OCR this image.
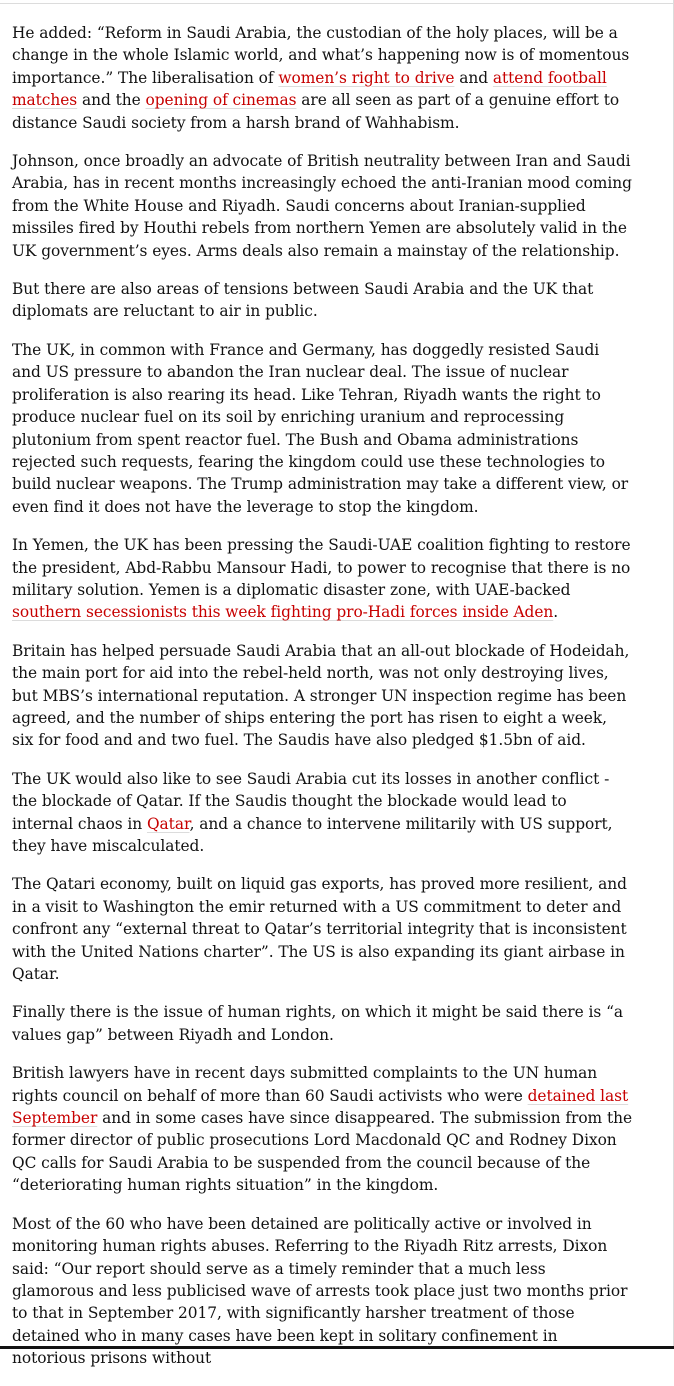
He added: “Reform in Saudi Arabia, the custodian of the holy places, will be a change in the whole Islamic world, and what’s happening now is of momentous importance.” The liberalisation of women’s right to drive and attend football matches and the opening of cinemas are all seen as part of a genuine effort to distance Saudi society from a harsh brand of Wahhabism.

Johnson, once broadly an advocate of British neutrality between Iran and Saudi Arabia, has in recent months increasingly echoed the anti-Iranian mood coming from the White House and Riyadh. Saudi concerns about Iranian-supplied missiles fired by Houthi rebels from northern Yemen are absolutely valid in the UK government’s eyes. Arms deals also remain a mainstay of the relationship.

But there are also areas of tensions between Saudi Arabia and the UK that diplomats are reluctant to air in public.

The UK, in common with France and Germany, has doggedly resisted Saudi and US pressure to abandon the Iran nuclear deal. The issue of nuclear proliferation is also rearing its head. Like Tehran, Riyadh wants the right to produce nuclear fuel on its soil by enriching uranium and reprocessing plutonium from spent reactor fuel. The Bush and Obama administrations rejected such requests, fearing the kingdom could use these technologies to build nuclear weapons. The Trump administration may take a different view, or even find it does not have the leverage to stop the kingdom.

In Yemen, the UK has been pressing the Saudi-UAE coalition fighting to restore the president, Abd-Rabbu Mansour Hadi, to power to recognise that there is no military solution. Yemen is a diplomatic disaster zone, with UAE-backed southern secessionists this week fighting pro-Hadi forces inside Aden.

Britain has helped persuade Saudi Arabia that an all-out blockade of Hodeidah, the main port for aid into the rebel-held north, was not only destroying lives, but MBS’s international reputation. A stronger UN inspection regime has been agreed, and the number of ships entering the port has risen to eight a week, six for food and and two fuel. The Saudis have also pledged $1.5bn of aid.

The UK would also like to see Saudi Arabia cut its losses in another conflict - the blockade of Qatar. If the Saudis thought the blockade would lead to internal chaos in Qatar, and a chance to intervene militarily with US support, they have miscalculated.

The Qatari economy, built on liquid gas exports, has proved more resilient, and in a visit to Washington the emir returned with a US commitment to deter and confront any “external threat to Qatar’s territorial integrity that is inconsistent with the United Nations charter”. The US is also expanding its giant airbase in Qatar.

Finally there is the issue of human rights, on which it might be said there is “a values gap” between Riyadh and London.

British lawyers have in recent days submitted complaints to the UN human rights council on behalf of more than 60 Saudi activists who were detained last September and in some cases have since disappeared. The submission from the former director of public prosecutions Lord Macdonald QC and Rodney Dixon QC calls for Saudi Arabia to be suspended from the council because of the “deteriorating human rights situation” in the kingdom.

Most of the 60 who have been detained are politically active or involved in monitoring human rights abuses. Referring to the Riyadh Ritz arrests, Dixon said: “Our report should serve as a timely reminder that a much less glamorous and less publicised wave of arrests took place just two months prior to that in September 2017, with significantly harsher treatment of those detained who in many cases have been kept in solitary confinement in notorious prisons without
